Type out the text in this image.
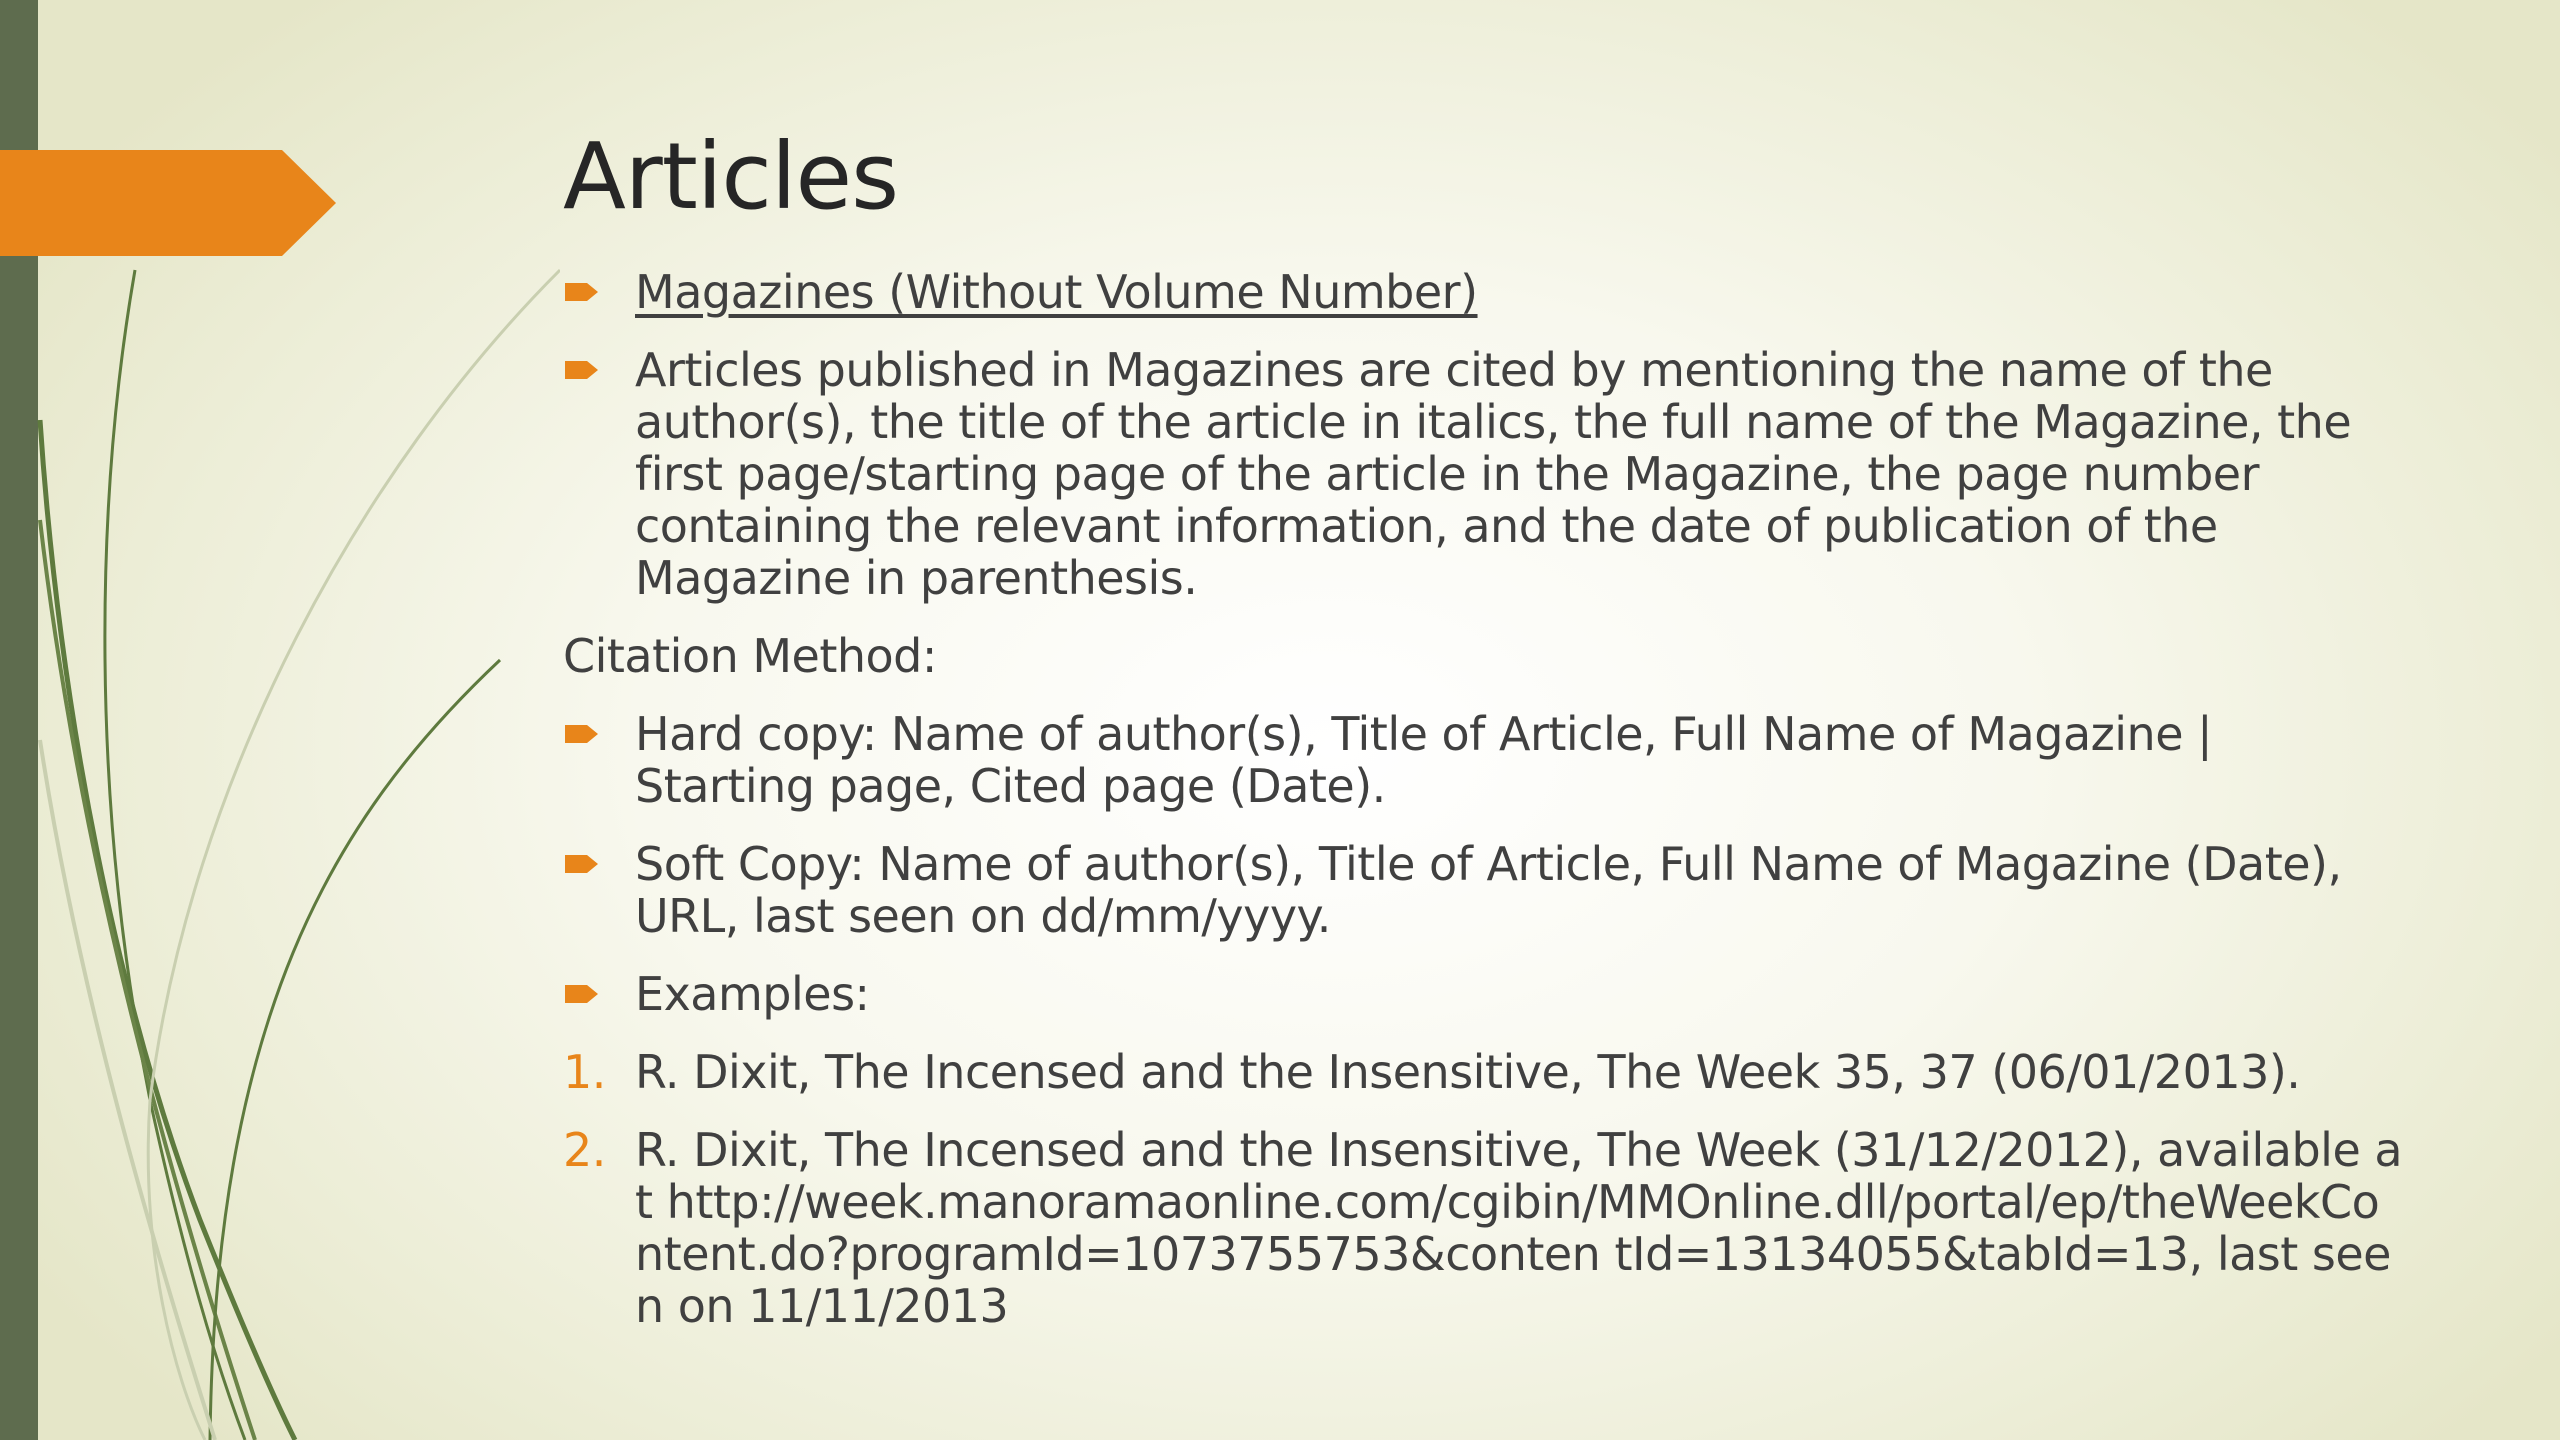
Articles
Magazines (Without Volume Number)
Articles published in Magazines are cited by mentioning the name of the author(s), the title of the article in italics, the full name of the Magazine, the first page/starting page of the article in the Magazine, the page number containing the relevant information, and the date of publication of the Magazine in parenthesis.
Citation Method:
Hard copy: Name of author(s), Title of Article, Full Name of Magazine | Starting page, Cited page (Date).
Soft Copy: Name of author(s), Title of Article, Full Name of Magazine (Date), URL, last seen on dd/mm/yyyy.
Examples:
1. R. Dixit, The Incensed and the Insensitive, The Week 35, 37 (06/01/2013).
2. R. Dixit, The Incensed and the Insensitive, The Week (31/12/2012), available at http://week.manoramaonline.com/cgibin/MMOnline.dll/portal/ep/theWeekContent.do?programId=1073755753&conten tId=13134055&tabId=13, last seen on 11/11/2013
